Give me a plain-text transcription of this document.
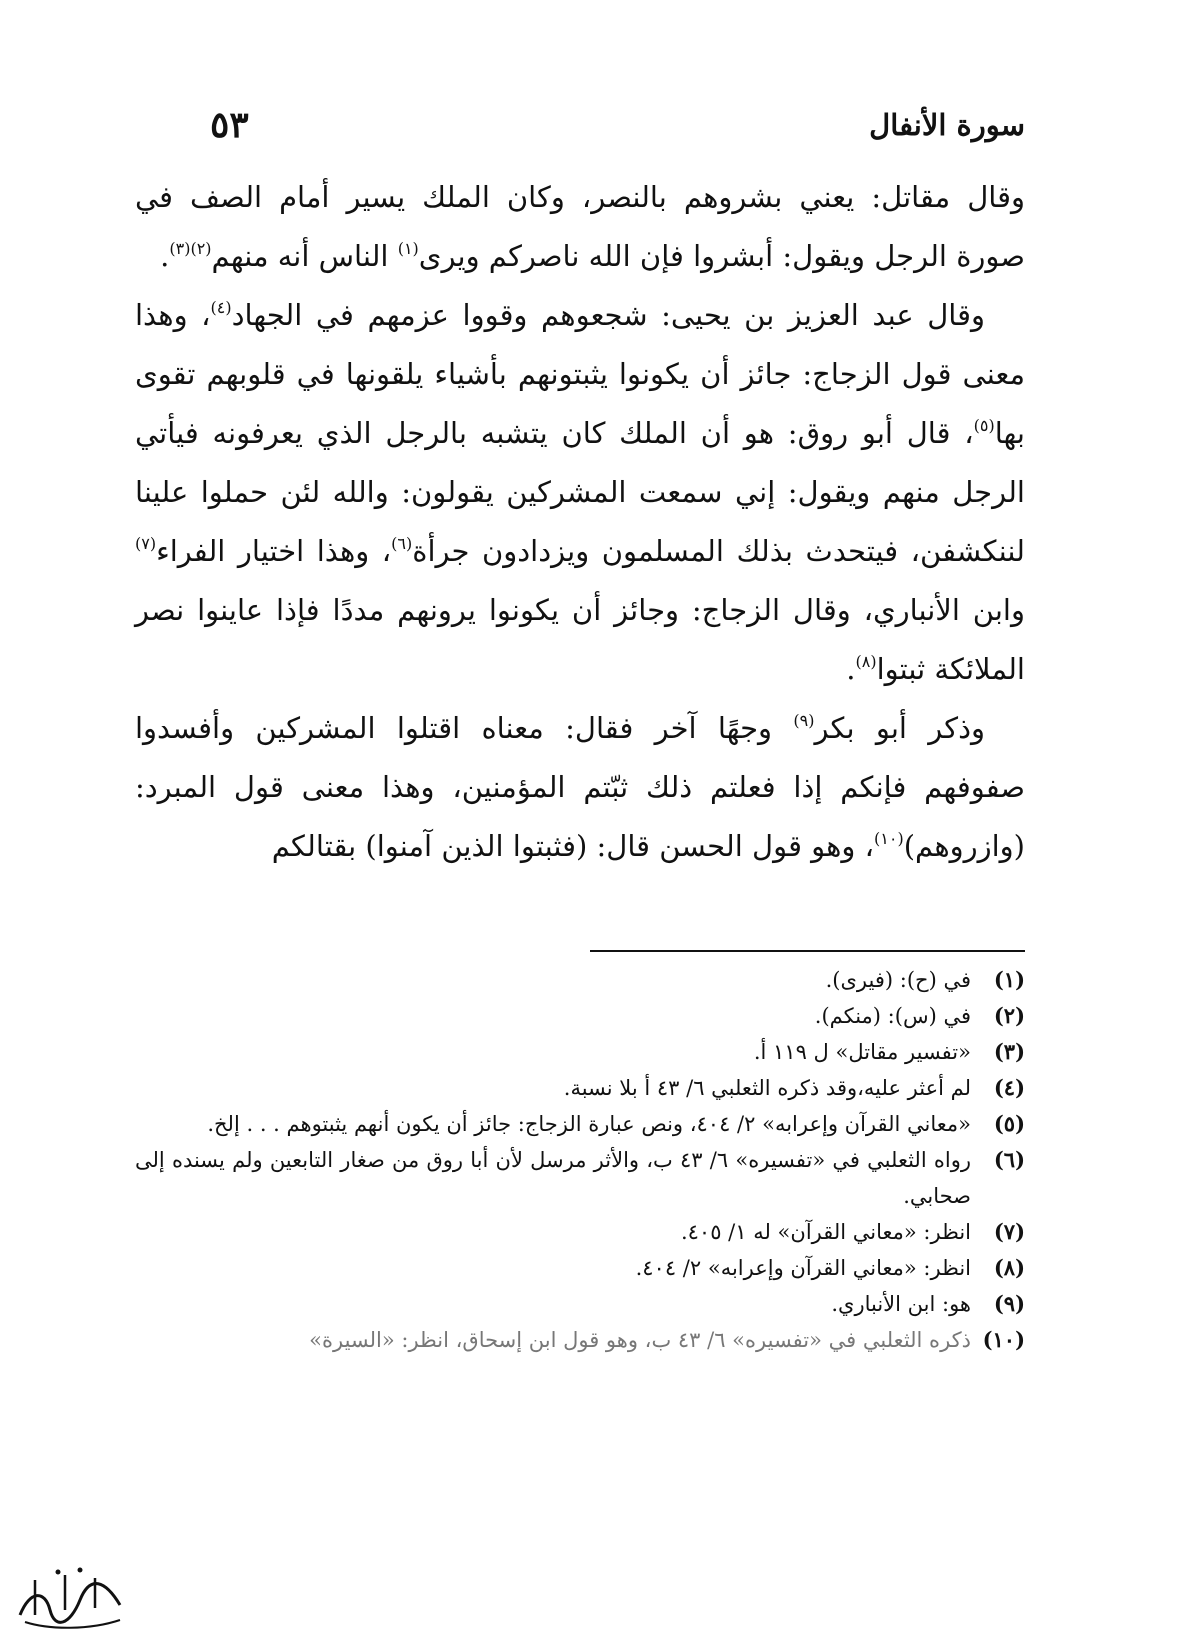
سورة الأنفال
٥٣

وقال مقاتل: يعني بشروهم بالنصر، وكان الملك يسير أمام الصف في صورة الرجل ويقول: أبشروا فإن الله ناصركم ويرى$^{(١)}$ الناس أنه منهم$^{(٢)(٣)}$.

وقال عبد العزيز بن يحيى: شجعوهم وقووا عزمهم في الجهاد$^{(٤)}$، وهذا معنى قول الزجاج: جائز أن يكونوا يثبتونهم بأشياء يلقونها في قلوبهم تقوى بها$^{(٥)}$، قال أبو روق: هو أن الملك كان يتشبه بالرجل الذي يعرفونه فيأتي الرجل منهم ويقول: إني سمعت المشركين يقولون: والله لئن حملوا علينا لننكشفن، فيتحدث بذلك المسلمون ويزدادون جرأة$^{(٦)}$، وهذا اختيار الفراء$^{(٧)}$ وابن الأنباري، وقال الزجاج: وجائز أن يكونوا يرونهم مددًا فإذا عاينوا نصر الملائكة ثبتوا$^{(٨)}$.

وذكر أبو بكر$^{(٩)}$ وجهًا آخر فقال: معناه اقتلوا المشركين وأفسدوا صفوفهم فإنكم إذا فعلتم ذلك ثبّتم المؤمنين، وهذا معنى قول المبرد: (وازروهم)$^{(١٠)}$، وهو قول الحسن قال: (فثبتوا الذين آمنوا) بقتالكم

(١)
في (ح): (فيرى).
(٢)
في (س): (منكم).
(٣)
«تفسير مقاتل» ل ١١٩ أ.
(٤)
لم أعثر عليه،وقد ذكره الثعلبي ٦/ ٤٣ أ بلا نسبة.
(٥)
«معاني القرآن وإعرابه» ٢/ ٤٠٤، ونص عبارة الزجاج: جائز أن يكون أنهم يثبتوهم . . . إلخ.
(٦)
رواه الثعلبي في «تفسيره» ٦/ ٤٣ ب، والأثر مرسل لأن أبا روق من صغار التابعين ولم يسنده إلى صحابي.
(٧)
انظر: «معاني القرآن» له ١/ ٤٠٥.
(٨)
انظر: «معاني القرآن وإعرابه» ٢/ ٤٠٤.
(٩)
هو: ابن الأنباري.
(١٠)
ذكره الثعلبي في «تفسيره» ٦/ ٤٣ ب، وهو قول ابن إسحاق، انظر: «السيرة»
